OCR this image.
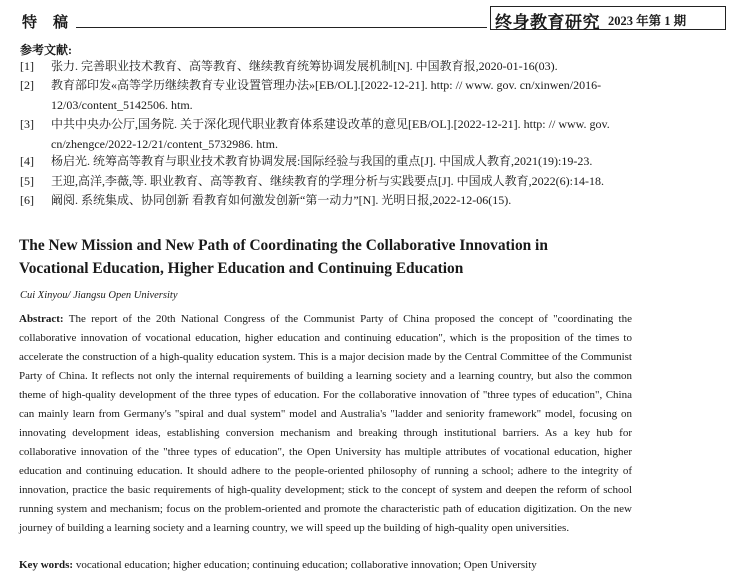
特稿	终身教育研究 2023 年第 1 期
参考文献:
[1] 张力. 完善职业技术教育、高等教育、继续教育统筹协调发展机制[N]. 中国教育报,2020-01-16(03).
[2] 教育部印发«高等学历继续教育专业设置管理办法»[EB/OL].[2022-12-21]. http: // www. gov. cn/xinwen/2016-
12/03/content_5142506. htm.
[3] 中共中央办公厅,国务院. 关于深化现代职业教育体系建设改革的意见[EB/OL].[2022-12-21]. http: // www. gov.
cn/zhengce/2022-12/21/content_5732986. htm.
[4] 杨启光. 统筹高等教育与职业技术教育协调发展:国际经验与我国的重点[J]. 中国成人教育,2021(19):19-23.
[5] 王迎,高洋,李薇,等. 职业教育、高等教育、继续教育的学理分析与实践要点[J]. 中国成人教育,2022(6):14-18.
[6] 阚阅. 系统集成、协同创新 看教育如何激发创新“第一动力”[N]. 光明日报,2022-12-06(15).
The New Mission and New Path of Coordinating the Collaborative Innovation in
Vocational Education, Higher Education and Continuing Education
Cui Xinyou/ Jiangsu Open University
Abstract: The report of the 20th National Congress of the Communist Party of China proposed the concept of "coordinating the collaborative innovation of vocational education, higher education and continuing education", which is the proposition of the times to accelerate the construction of a high-quality education system. This is a major decision made by the Central Committee of the Communist Party of China. It reflects not only the internal requirements of building a learning society and a learning country, but also the common theme of high-quality development of the three types of education. For the collaborative innovation of "three types of education", China can mainly learn from Germany's "spiral and dual system" model and Australia's "ladder and seniority framework" model, focusing on innovating development ideas, establishing conversion mechanism and breaking through institutional barriers. As a key hub for collaborative innovation of the "three types of education", the Open University has multiple attributes of vocational education, higher education and continuing education. It should adhere to the people-oriented philosophy of running a school; adhere to the integrity of innovation, practice the basic requirements of high-quality development; stick to the concept of system and deepen the reform of school running system and mechanism; focus on the problem-oriented and promote the characteristic path of education digitization. On the new journey of building a learning society and a learning country, we will speed up the building of high-quality open universities.
Key words: vocational education; higher education; continuing education; collaborative innovation; Open University
